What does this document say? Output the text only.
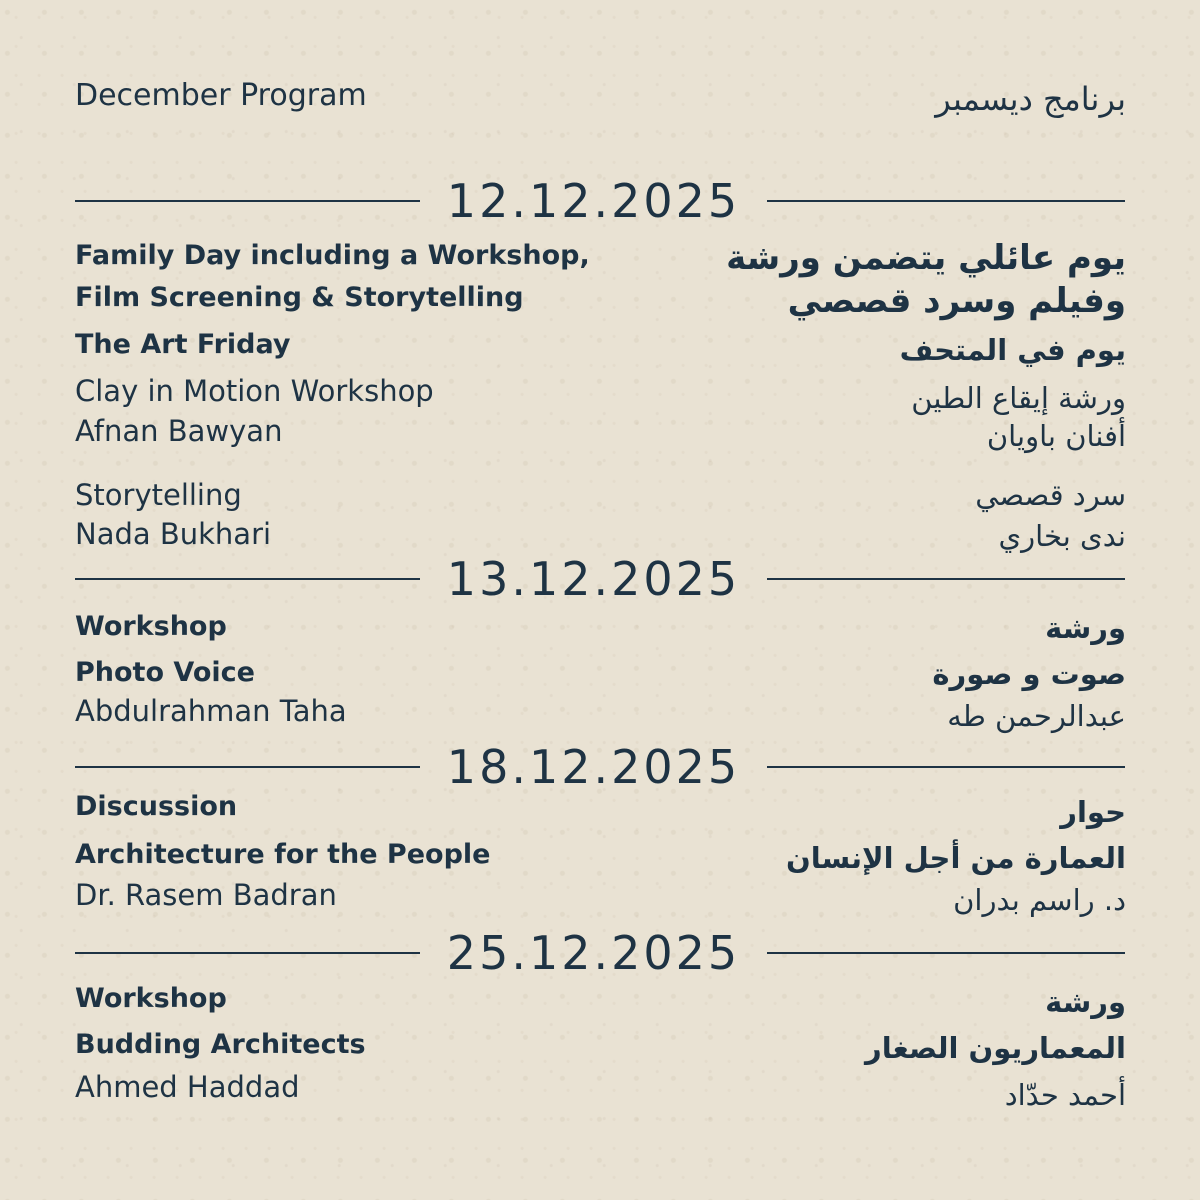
December Program	برنامج ديسمبر
12.12.2025
Family Day including a Workshop,
Film Screening & Storytelling
The Art Friday
Clay in Motion Workshop
Afnan Bawyan
Storytelling
Nada Bukhari
يوم عائلي يتضمن ورشة
وفيلم وسرد قصصي
يوم في المتحف
ورشة إيقاع الطين
أفنان باويان
سرد قصصي
ندى بخاري
13.12.2025
Workshop
Photo Voice
Abdulrahman Taha
ورشة
صوت و صورة
عبدالرحمن طه
18.12.2025
Discussion
Architecture for the People
Dr. Rasem Badran
حوار
العمارة من أجل الإنسان
د. راسم بدران
25.12.2025
Workshop
Budding Architects
Ahmed Haddad
ورشة
المعماريون الصغار
أحمد حدّاد
